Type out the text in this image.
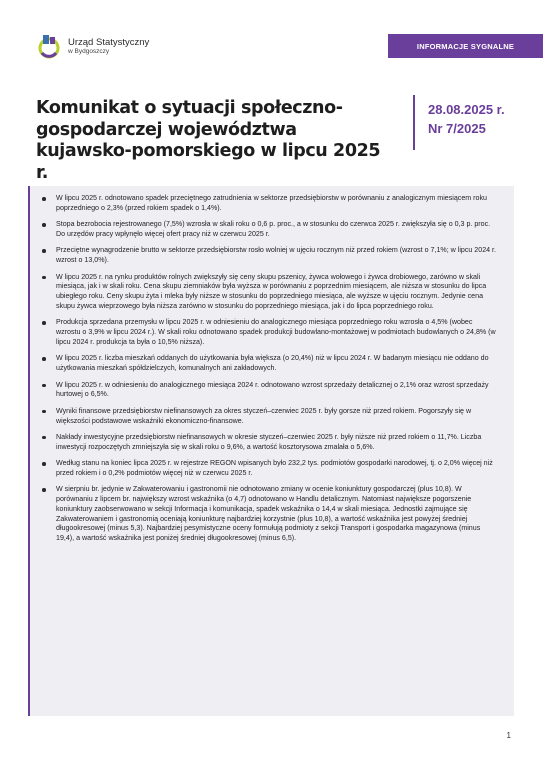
Urząd Statystyczny
w Bydgoszczy
INFORMACJE SYGNALNE
Komunikat o sytuacji społeczno-gospodarczej województwa kujawsko-pomorskiego w lipcu 2025 r.
28.08.2025 r.
Nr 7/2025
W lipcu 2025 r. odnotowano spadek przeciętnego zatrudnienia w sektorze przedsiębiorstw w porównaniu z analogicznym miesiącem roku poprzedniego o 2,3% (przed rokiem spadek o 1,4%).
Stopa bezrobocia rejestrowanego (7,5%) wzrosła w skali roku o 0,6 p. proc., a w stosunku do czerwca 2025 r. zwiększyła się o 0,3 p. proc. Do urzędów pracy wpłynęło więcej ofert pracy niż w czerwcu 2025 r.
Przeciętne wynagrodzenie brutto w sektorze przedsiębiorstw rosło wolniej w ujęciu rocznym niż przed rokiem (wzrost o 7,1%; w lipcu 2024 r. wzrost o 13,0%).
W lipcu 2025 r. na rynku produktów rolnych zwiększyły się ceny skupu pszenicy, żywca wołowego i żywca drobiowego, zarówno w skali miesiąca, jak i w skali roku. Cena skupu ziemniaków była wyższa w porównaniu z poprzednim miesiącem, ale niższa w stosunku do lipca ubiegłego roku. Ceny skupu żyta i mleka były niższe w stosunku do poprzedniego miesiąca, ale wyższe w ujęciu rocznym. Jedynie cena skupu żywca wieprzowego była niższa zarówno w stosunku do poprzedniego miesiąca, jak i do lipca poprzedniego roku.
Produkcja sprzedana przemysłu w lipcu 2025 r. w odniesieniu do analogicznego miesiąca poprzedniego roku wzrosła o 4,5% (wobec wzrostu o 3,9% w lipcu 2024 r.). W skali roku odnotowano spadek produkcji budowlano-montażowej w podmiotach budowlanych o 24,8% (w lipcu 2024 r. produkcja ta była o 10,5% niższa).
W lipcu 2025 r. liczba mieszkań oddanych do użytkowania była większa (o 20,4%) niż w lipcu 2024 r. W badanym miesiącu nie oddano do użytkowania mieszkań spółdzielczych, komunalnych ani zakładowych.
W lipcu 2025 r. w odniesieniu do analogicznego miesiąca 2024 r. odnotowano wzrost sprzedaży detalicznej o 2,1% oraz wzrost sprzedaży hurtowej o 6,5%.
Wyniki finansowe przedsiębiorstw niefinansowych za okres styczeń–czerwiec 2025 r. były gorsze niż przed rokiem. Pogorszyły się w większości podstawowe wskaźniki ekonomiczno-finansowe.
Nakłady inwestycyjne przedsiębiorstw niefinansowych w okresie styczeń–czerwiec 2025 r. były niższe niż przed rokiem o 11,7%. Liczba inwestycji rozpoczętych zmniejszyła się w skali roku o 9,6%, a wartość kosztorysowa zmalała o 5,6%.
Według stanu na koniec lipca 2025 r. w rejestrze REGON wpisanych było 232,2 tys. podmiotów gospodarki narodowej, tj. o 2,0% więcej niż przed rokiem i o 0,2% podmiotów więcej niż w czerwcu 2025 r.
W sierpniu br. jedynie w Zakwaterowaniu i gastronomii nie odnotowano zmiany w ocenie koniunktury gospodarczej (plus 10,8). W porównaniu z lipcem br. największy wzrost wskaźnika (o 4,7) odnotowano w Handlu detalicznym. Natomiast największe pogorszenie koniunktury zaobserwowano w sekcji Informacja i komunikacja, spadek wskaźnika o 14,4 w skali miesiąca. Jednostki zajmujące się Zakwaterowaniem i gastronomią oceniają koniunkturę najbardziej korzystnie (plus 10,8), a wartość wskaźnika jest powyżej średniej długookresowej (minus 5,3). Najbardziej pesymistyczne oceny formułują podmioty z sekcji Transport i gospodarka magazynowa (minus 19,4), a wartość wskaźnika jest poniżej średniej długookresowej (minus 6,5).
1
